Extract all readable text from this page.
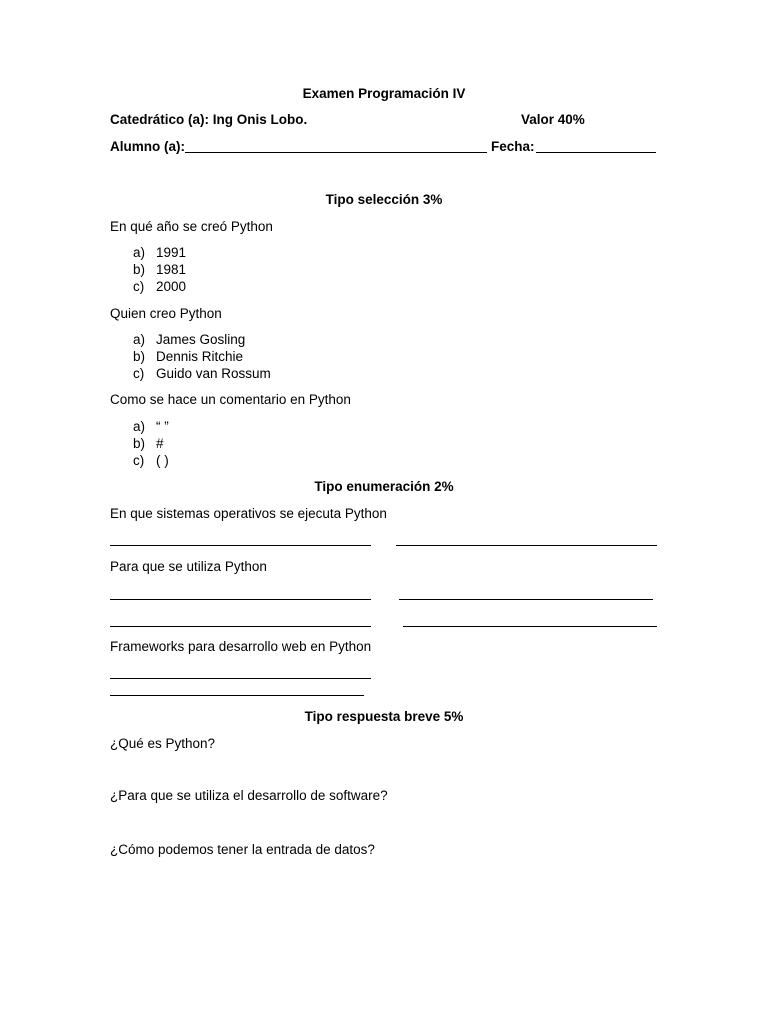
Examen Programación IV
Catedrático (a): Ing Onis Lobo.	Valor 40%
Alumno (a):	Fecha:
Tipo selección 3%
En qué año se creó Python
a) 1991
b) 1981
c) 2000
Quien creo Python
a) James Gosling
b) Dennis Ritchie
c) Guido van Rossum
Como se hace un comentario en Python
a) “ ”
b) #
c) ( )
Tipo enumeración 2%
En que sistemas operativos se ejecuta Python
Para que se utiliza Python
Frameworks para desarrollo web en Python
Tipo respuesta breve 5%
¿Qué es Python?
¿Para que se utiliza el desarrollo de software?
¿Cómo podemos tener la entrada de datos?
